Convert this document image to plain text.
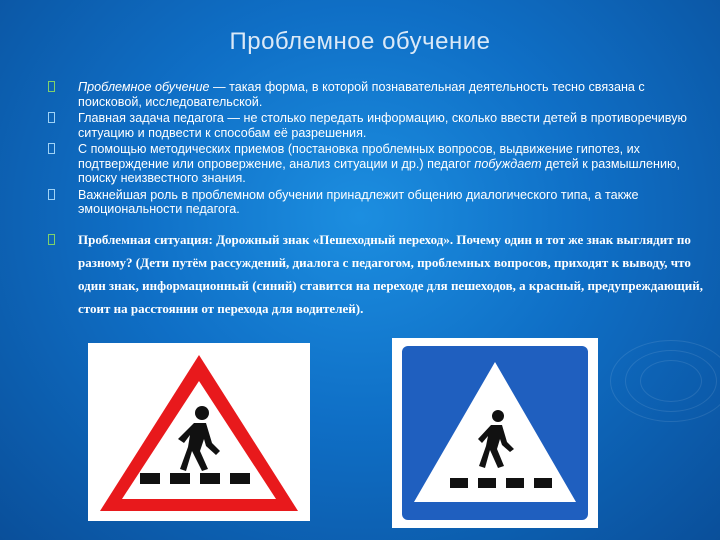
Проблемное обучение
Проблемное обучение — такая форма, в которой познавательная деятельность тесно связана с поисковой, исследовательской.
Главная задача педагога — не столько передать информацию, сколько ввести детей в противоречивую ситуацию и подвести к способам её разрешения.
С помощью методических приемов (постановка проблемных вопросов, выдвижение гипотез, их подтверждение или опровержение, анализ ситуации и др.) педагог побуждает детей к размышлению, поиску неизвестного знания.
Важнейшая роль в проблемном обучении принадлежит общению диалогического типа, а также эмоциональности педагога.
Проблемная ситуация: Дорожный знак «Пешеходный переход». Почему один и тот же знак выглядит по разному? (Дети путём рассуждений, диалога с педагогом, проблемных вопросов, приходят к выводу, что один знак, информационный (синий) ставится на переходе для пешеходов, а красный, предупреждающий, стоит на расстоянии от перехода для водителей).
